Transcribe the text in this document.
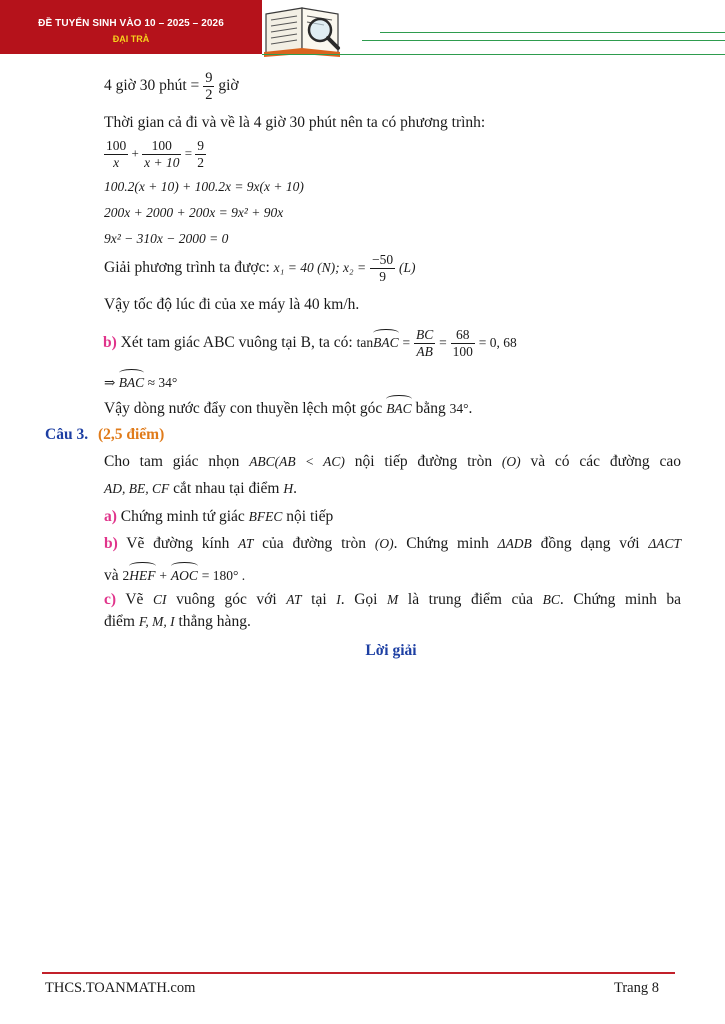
ĐỀ TUYỂN SINH VÀO 10 – 2025 – 2026
ĐẠI TRÀ
4 giờ 30 phút = $\frac{9}{2}$ giờ
Thời gian cả đi và về là 4 giờ 30 phút nên ta có phương trình:
$\frac{100}{x} + \frac{100}{x + 10} = \frac{9}{2}$
100.2(x + 10) + 100.2x = 9x(x + 10)
200x + 2000 + 200x = 9x² + 90x
9x² − 310x − 2000 = 0
Giải phương trình ta được: x₁ = 40 (N); $x_2 = \frac{-50}{9} (L)$
Vậy tốc độ lúc đi của xe máy là 40 km/h.
b) Xét tam giác ABC vuông tại B, ta có: tanBAC = $\frac{BC}{AB} = \frac{68}{100} = 0$, 68
⇒ BAC ≈ 34°
Vậy dòng nước đẩy con thuyền lệch một góc BAC bằng 34°.
Câu 3. (2,5 điểm)
Cho tam giác nhọn ABC(AB < AC) nội tiếp đường tròn (O) và có các đường cao
AD, BE, CF cắt nhau tại điểm H.
a) Chứng minh tứ giác BFEC nội tiếp
b) Vẽ đường kính AT của đường tròn (O). Chứng minh ΔADB đồng dạng với ΔACT
và 2HEF + AOC = 180° .
c) Vẽ CI vuông góc với AT tại I. Gọi M là trung điểm của BC. Chứng minh ba
điểm F, M, I thẳng hàng.
Lời giải
THCS.TOANMATH.com	Trang 8
